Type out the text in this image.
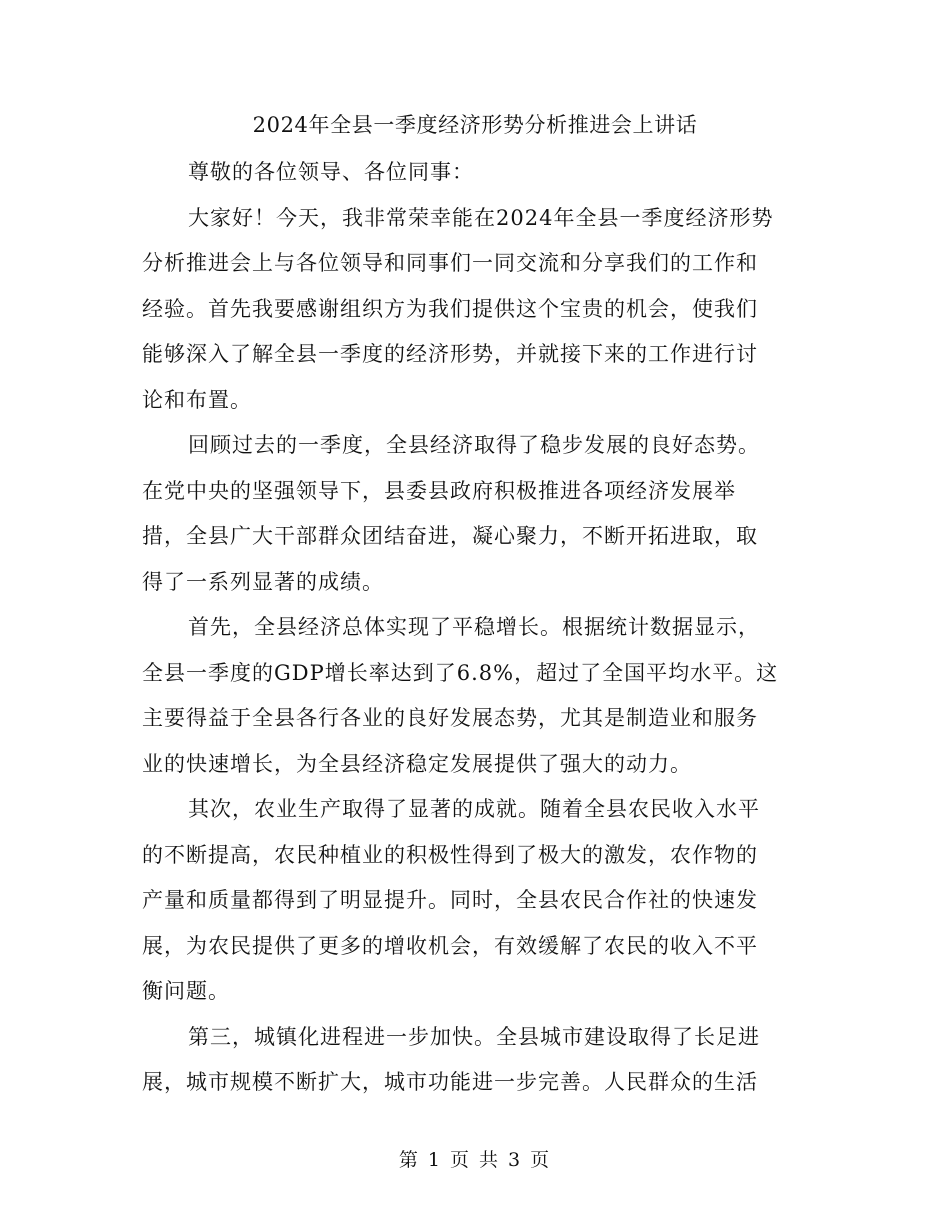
2024年全县一季度经济形势分析推进会上讲话

尊敬的各位领导、各位同事：

大家好！今天，我非常荣幸能在2024年全县一季度经济形势
分析推进会上与各位领导和同事们一同交流和分享我们的工作和
经验。首先我要感谢组织方为我们提供这个宝贵的机会，使我们
能够深入了解全县一季度的经济形势，并就接下来的工作进行讨
论和布置。

回顾过去的一季度，全县经济取得了稳步发展的良好态势。
在党中央的坚强领导下，县委县政府积极推进各项经济发展举
措，全县广大干部群众团结奋进，凝心聚力，不断开拓进取，取
得了一系列显著的成绩。

首先，全县经济总体实现了平稳增长。根据统计数据显示，
全县一季度的GDP增长率达到了6.8%，超过了全国平均水平。这
主要得益于全县各行各业的良好发展态势，尤其是制造业和服务
业的快速增长，为全县经济稳定发展提供了强大的动力。

其次，农业生产取得了显著的成就。随着全县农民收入水平
的不断提高，农民种植业的积极性得到了极大的激发，农作物的
产量和质量都得到了明显提升。同时，全县农民合作社的快速发
展，为农民提供了更多的增收机会，有效缓解了农民的收入不平
衡问题。

第三，城镇化进程进一步加快。全县城市建设取得了长足进
展，城市规模不断扩大，城市功能进一步完善。人民群众的生活

第 1 页 共 3 页
